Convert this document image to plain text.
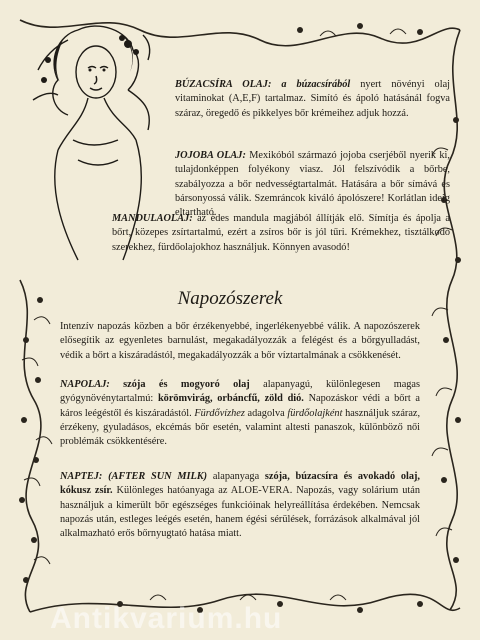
BÚZACSÍRA OLAJ: a búzacsírából nyert növényi olaj vitaminokat (A,E,F) tartalmaz. Simító és ápoló hatásánál fogva száraz, öregedő és pikkelyes bőr krémeihez adjuk hozzá.
JOJOBA OLAJ: Mexikóból származó jojoba cserjéből nyerik ki, tulajdonképpen folyékony viasz. Jól felszívódik a bőrbe, szabályozza a bőr nedvességtartalmát. Hatására a bőr símává és bársonyossá válik. Szemráncok kiváló ápolószere! Korlátlan ideig eltartható.
MANDULAOLAJ: az édes mandula magjából állítják elő. Símítja és ápolja a bőrt, közepes zsírtartalmú, ezért a zsíros bőr is jól tűri. Krémekhez, tisztálkodó szerekhez, fürdőolajokhoz használjuk. Könnyen avasodó!
Napozószerek
Intenzív napozás közben a bőr érzékenyebbé, ingerlékenyebbé válik. A napozószerek elősegítik az egyenletes barnulást, megakadályozzák a felégést és a bőrgyulladást, védik a bőrt a kiszáradástól, megakadályozzák a bőr víztartalmának a csökkenését.
NAPOLAJ: szója és mogyoró olaj alapanyagú, különlegesen magas gyógynövénytartalmú: körömvirág, orbáncfű, zöld dió. Napozáskor védi a bőrt a káros leégéstől és kiszáradástól. Fürdővízhez adagolva fürdőolajként használjuk száraz, érzékeny, gyuladásos, ekcémás bőr esetén, valamint altesti panaszok, különböző női problémák csökkentésére.
NAPTEJ: (AFTER SUN MILK) alapanyaga szója, búzacsíra és avokadó olaj, kókusz zsír. Különleges hatóanyaga az ALOE-VERA. Napozás, vagy solárium után használjuk a kimerült bőr egészséges funkcióinak helyreállítása érdekében. Nemcsak napozás után, estleges leégés esetén, hanem égési sérülések, forrázások alkalmával jól alkalmazható erős bőrnyugtató hatása miatt.
Antikvarium.hu
